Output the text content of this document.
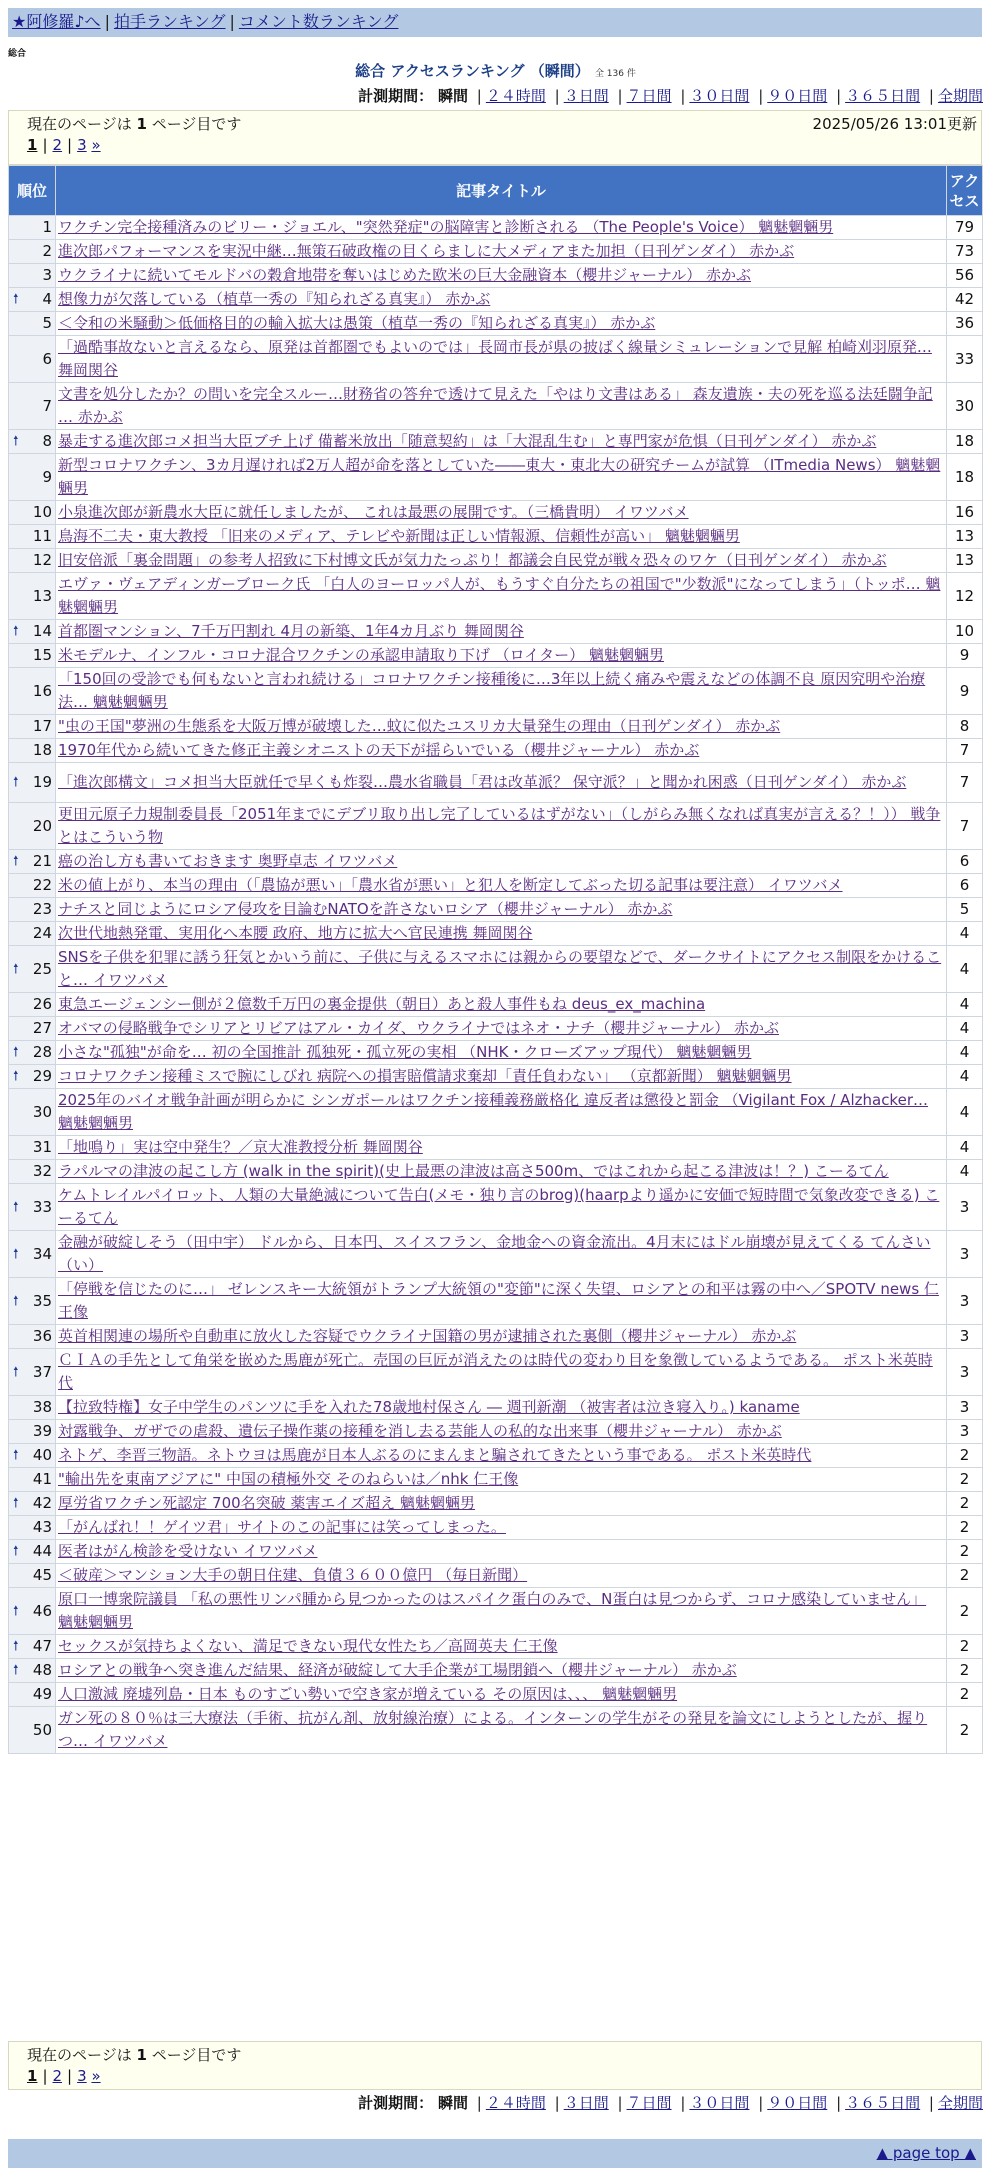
★阿修羅♪へ | 拍手ランキング | コメント数ランキング
総合
総合 アクセスランキング （瞬間） 全 136 件
計測期間： 瞬間 | ２４時間 | ３日間 | ７日間 | ３０日間 | ９０日間 | ３６５日間 | 全期間
現在のページは 1 ページ目です	2025/05/26 13:01更新
1 | 2 | 3 »
順位	記事タイトル	アクセス
1	ワクチン完全接種済みのビリー・ジョエル、"突然発症"の脳障害と診断される （The People's Voice） 魑魅魍魎男	79
2	進次郎パフォーマンスを実況中継…無策石破政権の目くらましに大メディアまた加担（日刊ゲンダイ） 赤かぶ	73
3	ウクライナに続いてモルドバの穀倉地帯を奪いはじめた欧米の巨大金融資本（櫻井ジャーナル） 赤かぶ	56

🠕 4	想像力が欠落している（植草一秀の『知られざる真実』） 赤かぶ	42
5	＜令和の米騒動＞低価格目的の輸入拡大は愚策（植草一秀の『知られざる真実』） 赤かぶ	36
6	「過酷事故ないと言えるなら、原発は首都圏でもよいのでは」長岡市長が県の披ばく線量シミュレーションで見解 柏崎刈羽原発… 舞岡関谷	33
7	文書を処分したか？の問いを完全スルー…財務省の答弁で透けて見えた「やはり文書はある」 森友遺族・夫の死を巡る法廷闘争記 … 赤かぶ	30

🠕 8	暴走する進次郎コメ担当大臣ブチ上げ 備蓄米放出「随意契約」は「大混乱生む」と専門家が危惧（日刊ゲンダイ） 赤かぶ	18
9	新型コロナワクチン、3カ月遅ければ2万人超が命を落としていた――東大・東北大の研究チームが試算 （ITmedia News） 魑魅魍魎男	18
10	小泉進次郎が新農水大臣に就任しましたが、 これは最悪の展開です。（三橋貴明） イワツバメ	16
11	鳥海不二夫・東大教授 「旧来のメディア、テレビや新聞は正しい情報源、信頼性が高い」 魑魅魍魎男	13
12	旧安倍派「裏金問題」の参考人招致に下村博文氏が気力たっぷり！都議会自民党が戦々恐々のワケ（日刊ゲンダイ） 赤かぶ	13
13	エヴァ・ヴェアディンガーブローク氏 「白人のヨーロッパ人が、もうすぐ自分たちの祖国で"少数派"になってしまう」（トッポ… 魑魅魍魎男	12

🠕 14	首都圏マンション、7千万円割れ 4月の新築、1年4カ月ぶり 舞岡関谷	10
15	米モデルナ、インフル・コロナ混合ワクチンの承認申請取り下げ （ロイター） 魑魅魍魎男	9
16	「150回の受診でも何もないと言われ続ける」コロナワクチン接種後に…3年以上続く痛みや震えなどの体調不良 原因究明や治療法… 魑魅魍魎男	9
17	"虫の王国"夢洲の生態系を大阪万博が破壊した…蚊に似たユスリカ大量発生の理由（日刊ゲンダイ） 赤かぶ	8
18	1970年代から続いてきた修正主義シオニストの天下が揺らいでいる（櫻井ジャーナル） 赤かぶ	7

🠕 19	「進次郎構文」コメ担当大臣就任で早くも炸裂…農水省職員「君は改革派？ 保守派？」と聞かれ困惑（日刊ゲンダイ） 赤かぶ	7
20	更田元原子力規制委員長「2051年までにデブリ取り出し完了しているはずがない」（しがらみ無くなれば真実が言える？！）） 戦争とはこういう物	7

🠕 21	癌の治し方も書いておきます 奥野卓志 イワツバメ	6
22	米の値上がり、本当の理由（「農協が悪い」「農水省が悪い」と犯人を断定してぶった切る記事は要注意） イワツバメ	6
23	ナチスと同じようにロシア侵攻を目論むNATOを許さないロシア（櫻井ジャーナル） 赤かぶ	5
24	次世代地熱発電、実用化へ本腰 政府、地方に拡大へ官民連携 舞岡関谷	4

🠕 25	SNSを子供を犯罪に誘う狂気とかいう前に、子供に与えるスマホには親からの要望などで、ダークサイトにアクセス制限をかけること… イワツバメ	4
26	東急エージェンシー側が２億数千万円の裏金提供（朝日）あと殺人事件もね deus_ex_machina	4
27	オバマの侵略戦争でシリアとリビアはアル・カイダ、ウクライナではネオ・ナチ（櫻井ジャーナル） 赤かぶ	4

🠕 28	小さな"孤独"が命を… 初の全国推計 孤独死・孤立死の実相 （NHK・クローズアップ現代） 魑魅魍魎男	4

🠕 29	コロナワクチン接種ミスで腕にしびれ 病院への損害賠償請求棄却「責任負わない」 （京都新聞） 魑魅魍魎男	4
30	2025年のバイオ戦争計画が明らかに シンガポールはワクチン接種義務厳格化 違反者は懲役と罰金 （Vigilant Fox / Alzhacker… 魑魅魍魎男	4
31	「地鳴り」実は空中発生？／京大准教授分析 舞岡関谷	4
32	ラパルマの津波の起こし方 (walk in the spirit)(史上最悪の津波は高さ500m、ではこれから起こる津波は！？) こーるてん	4

🠕 33	ケムトレイルパイロット、人類の大量絶滅について告白(メモ・独り言のbrog)(haarpより遥かに安価で短時間で気象改変できる) こーるてん	3

🠕 34	金融が破綻しそう（田中宇） ドルから、日本円、スイスフラン、金地金への資金流出。4月末にはドル崩壊が見えてくる てんさい（い）	3

🠕 35	「停戦を信じたのに…」 ゼレンスキー大統領がトランプ大統領の"変節"に深く失望、ロシアとの和平は霧の中へ／SPOTV news 仁王像	3
36	英首相関連の場所や自動車に放火した容疑でウクライナ国籍の男が逮捕された裏側（櫻井ジャーナル） 赤かぶ	3

🠕 37	ＣＩＡの手先として角栄を嵌めた馬鹿が死亡。売国の巨匠が消えたのは時代の変わり目を象徴しているようである。 ポスト米英時代	3
38	【拉致特権】女子中学生のパンツに手を入れた78歳地村保さん ― 週刊新潮 （被害者は泣き寝入り。) kaname	3
39	対露戦争、ガザでの虐殺、遺伝子操作薬の接種を消し去る芸能人の私的な出来事（櫻井ジャーナル） 赤かぶ	3

🠕 40	ネトゲ、李晋三物語。ネトウヨは馬鹿が日本人ぶるのにまんまと騙されてきたという事である。 ポスト米英時代	2
41	"輸出先を東南アジアに" 中国の積極外交 そのねらいは／nhk 仁王像	2

🠕 42	厚労省ワクチン死認定 700名突破 薬害エイズ超え 魑魅魍魎男	2
43	「がんばれ！！ゲイツ君」サイトのこの記事には笑ってしまった。	2

🠕 44	医者はがん検診を受けない イワツバメ	2
45	＜破産＞マンション大手の朝日住建、負債３６００億円 （毎日新聞）	2

🠕 46	原口一博衆院議員 「私の悪性リンパ腫から見つかったのはスパイク蛋白のみで、N蛋白は見つからず、コロナ感染していません」 魑魅魍魎男	2

🠕 47	セックスが気持ちよくない、満足できない現代女性たち／高岡英夫 仁王像	2

🠕 48	ロシアとの戦争へ突き進んだ結果、経済が破綻して大手企業が工場閉鎖へ（櫻井ジャーナル） 赤かぶ	2
49	人口激減 廃墟列島・日本 ものすごい勢いで空き家が増えている その原因は、、、 魑魅魍魎男	2
50	ガン死の８０％は三大療法（手術、抗がん剤、放射線治療）による。インターンの学生がその発見を論文にしようとしたが、握りつ… イワツバメ	2
現在のページは 1 ページ目です
1 | 2 | 3 »
計測期間： 瞬間 | ２４時間 | ３日間 | ７日間 | ３０日間 | ９０日間 | ３６５日間 | 全期間
▲ page top ▲
